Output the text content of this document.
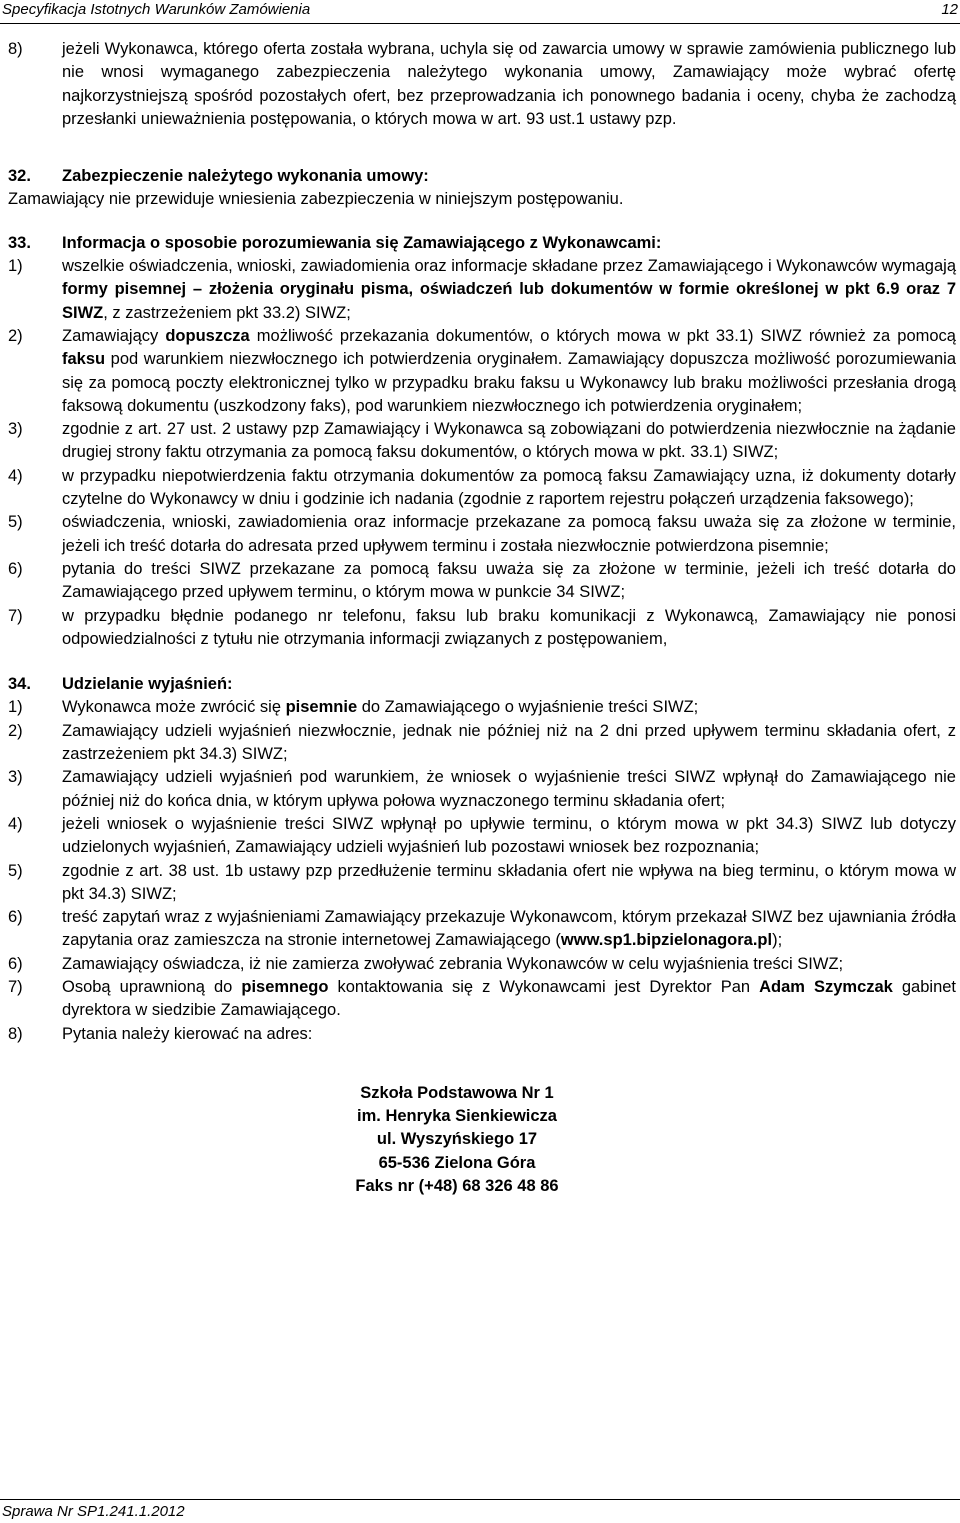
Specyfikacja Istotnych Warunków Zamówienia	12
8)	jeżeli Wykonawca, którego oferta została wybrana, uchyla się od zawarcia umowy w sprawie zamówienia publicznego lub nie wnosi wymaganego zabezpieczenia należytego wykonania umowy, Zamawiający może wybrać ofertę najkorzystniejszą spośród pozostałych ofert, bez przeprowadzania ich ponownego badania i oceny, chyba że zachodzą przesłanki unieważnienia postępowania, o których mowa w art. 93 ust.1 ustawy pzp.
32.	Zabezpieczenie należytego wykonania umowy:
Zamawiający nie przewiduje wniesienia zabezpieczenia w niniejszym postępowaniu.
33.	Informacja o sposobie porozumiewania się Zamawiającego z Wykonawcami:
1)	wszelkie oświadczenia, wnioski, zawiadomienia oraz informacje składane przez Zamawiającego i Wykonawców wymagają formy pisemnej – złożenia oryginału pisma, oświadczeń lub dokumentów w formie określonej w pkt 6.9 oraz 7 SIWZ, z zastrzeżeniem pkt 33.2) SIWZ;
2)	Zamawiający dopuszcza możliwość przekazania dokumentów, o których mowa w pkt 33.1) SIWZ również za pomocą faksu pod warunkiem niezwłocznego ich potwierdzenia oryginałem. Zamawiający dopuszcza możliwość porozumiewania się za pomocą poczty elektronicznej tylko w przypadku braku faksu u Wykonawcy lub braku możliwości przesłania drogą faksową dokumentu (uszkodzony faks), pod warunkiem niezwłocznego ich potwierdzenia oryginałem;
3)	zgodnie z art. 27 ust. 2 ustawy pzp Zamawiający i Wykonawca są zobowiązani do potwierdzenia niezwłocznie na żądanie drugiej strony faktu otrzymania za pomocą faksu dokumentów, o których mowa w pkt. 33.1) SIWZ;
4)	w przypadku niepotwierdzenia faktu otrzymania dokumentów za pomocą faksu Zamawiający uzna, iż dokumenty dotarły czytelne do Wykonawcy w dniu i godzinie ich nadania (zgodnie z raportem rejestru połączeń urządzenia faksowego);
5)	oświadczenia, wnioski, zawiadomienia oraz informacje przekazane za pomocą faksu uważa się za złożone w terminie, jeżeli ich treść dotarła do adresata przed upływem terminu i została niezwłocznie potwierdzona pisemnie;
6)	pytania do treści SIWZ przekazane za pomocą faksu uważa się za złożone w terminie, jeżeli ich treść dotarła do Zamawiającego przed upływem terminu, o którym mowa w punkcie 34 SIWZ;
7)	w przypadku błędnie podanego nr telefonu, faksu lub braku komunikacji z Wykonawcą, Zamawiający nie ponosi odpowiedzialności z tytułu nie otrzymania informacji związanych z postępowaniem,
34.	Udzielanie wyjaśnień:
1)	Wykonawca może zwrócić się pisemnie do Zamawiającego o wyjaśnienie treści SIWZ;
2)	Zamawiający udzieli wyjaśnień niezwłocznie, jednak nie później niż na 2 dni przed upływem terminu składania ofert, z zastrzeżeniem pkt 34.3) SIWZ;
3)	Zamawiający udzieli wyjaśnień pod warunkiem, że wniosek o wyjaśnienie treści SIWZ wpłynął do Zamawiającego nie później niż do końca dnia, w którym upływa połowa wyznaczonego terminu składania ofert;
4)	jeżeli wniosek o wyjaśnienie treści SIWZ wpłynął po upływie terminu, o którym mowa w pkt 34.3) SIWZ lub dotyczy udzielonych wyjaśnień, Zamawiający udzieli wyjaśnień lub pozostawi wniosek bez rozpoznania;
5)	zgodnie z art. 38 ust. 1b ustawy pzp przedłużenie terminu składania ofert nie wpływa na bieg terminu, o którym mowa w pkt 34.3) SIWZ;
6)	treść zapytań wraz z wyjaśnieniami Zamawiający przekazuje Wykonawcom, którym przekazał SIWZ bez ujawniania źródła zapytania oraz zamieszcza na stronie internetowej Zamawiającego (www.sp1.bipzielonagora.pl);
6)	Zamawiający oświadcza, iż nie zamierza zwoływać zebrania Wykonawców w celu wyjaśnienia treści SIWZ;
7)	Osobą uprawnioną do pisemnego kontaktowania się z Wykonawcami jest Dyrektor Pan Adam Szymczak gabinet dyrektora w siedzibie Zamawiającego.
8)	Pytania należy kierować na adres:
Szkoła Podstawowa Nr 1
im. Henryka Sienkiewicza
ul. Wyszyńskiego 17
65-536 Zielona Góra
Faks nr (+48) 68 326 48 86
Sprawa Nr SP1.241.1.2012
